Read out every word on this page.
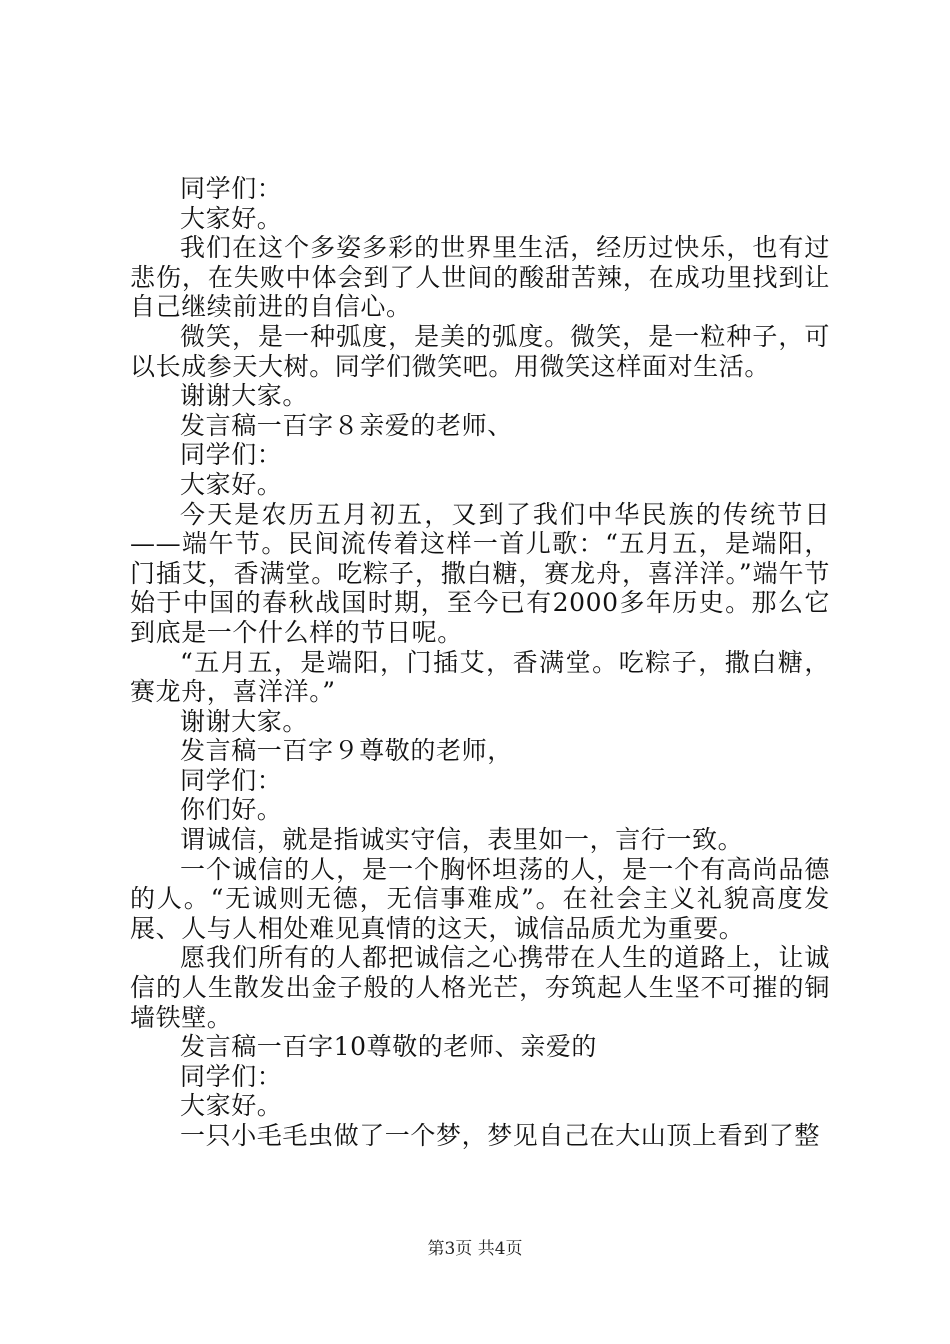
同学们：

大家好。

我们在这个多姿多彩的世界里生活，经历过快乐，也有过悲伤，在失败中体会到了人世间的酸甜苦辣，在成功里找到让自己继续前进的自信心。

微笑，是一种弧度，是美的弧度。微笑，是一粒种子，可以长成参天大树。同学们微笑吧。用微笑这样面对生活。

谢谢大家。

发言稿一百字８亲爱的老师、

同学们：

大家好。

今天是农历五月初五，又到了我们中华民族的传统节日——端午节。民间流传着这样一首儿歌：“五月五，是端阳，门插艾，香满堂。吃粽子，撒白糖，赛龙舟，喜洋洋。”端午节始于中国的春秋战国时期，至今已有2000多年历史。那么它到底是一个什么样的节日呢。

“五月五，是端阳，门插艾，香满堂。吃粽子，撒白糖，赛龙舟，喜洋洋。”

谢谢大家。

发言稿一百字９尊敬的老师，

同学们：

你们好。

谓诚信，就是指诚实守信，表里如一，言行一致。

一个诚信的人，是一个胸怀坦荡的人，是一个有高尚品德的人。“无诚则无德，无信事难成”。在社会主义礼貌高度发展、人与人相处难见真情的这天，诚信品质尤为重要。

愿我们所有的人都把诚信之心携带在人生的道路上，让诚信的人生散发出金子般的人格光芒，夯筑起人生坚不可摧的铜墙铁壁。

发言稿一百字10尊敬的老师、亲爱的

同学们：

大家好。

一只小毛毛虫做了一个梦，梦见自己在大山顶上看到了整

第3页 共4页
